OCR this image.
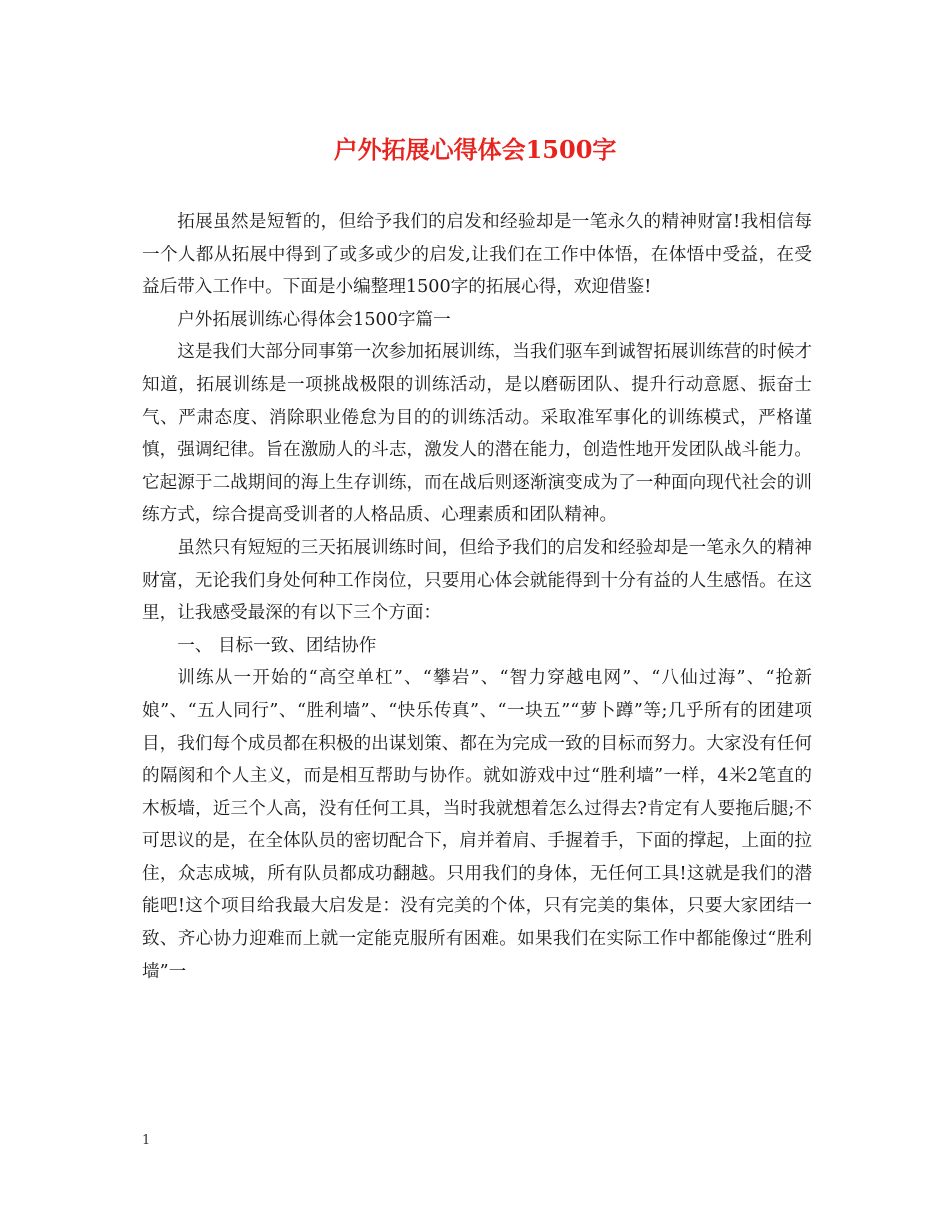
户外拓展心得体会1500字

拓展虽然是短暂的，但给予我们的启发和经验却是一笔永久的精神财富!我相信每一个人都从拓展中得到了或多或少的启发,让我们在工作中体悟，在体悟中受益，在受益后带入工作中。下面是小编整理1500字的拓展心得，欢迎借鉴!

户外拓展训练心得体会1500字篇一

这是我们大部分同事第一次参加拓展训练，当我们驱车到诚智拓展训练营的时候才知道，拓展训练是一项挑战极限的训练活动，是以磨砺团队、提升行动意愿、振奋士气、严肃态度、消除职业倦怠为目的的训练活动。采取准军事化的训练模式，严格谨慎，强调纪律。旨在激励人的斗志，激发人的潜在能力，创造性地开发团队战斗能力。它起源于二战期间的海上生存训练，而在战后则逐渐演变成为了一种面向现代社会的训练方式，综合提高受训者的人格品质、心理素质和团队精神。

虽然只有短短的三天拓展训练时间，但给予我们的启发和经验却是一笔永久的精神财富，无论我们身处何种工作岗位，只要用心体会就能得到十分有益的人生感悟。在这里，让我感受最深的有以下三个方面：

一、 目标一致、团结协作

训练从一开始的“高空单杠”、“攀岩”、“智力穿越电网”、“八仙过海”、“抢新娘”、“五人同行”、“胜利墙”、“快乐传真”、“一块五”“萝卜蹲”等;几乎所有的团建项目，我们每个成员都在积极的出谋划策、都在为完成一致的目标而努力。大家没有任何的隔阂和个人主义，而是相互帮助与协作。就如游戏中过“胜利墙”一样，4米2笔直的木板墙，近三个人高，没有任何工具，当时我就想着怎么过得去?肯定有人要拖后腿;不可思议的是，在全体队员的密切配合下，肩并着肩、手握着手，下面的撑起，上面的拉住，众志成城，所有队员都成功翻越。只用我们的身体，无任何工具!这就是我们的潜能吧!这个项目给我最大启发是：没有完美的个体，只有完美的集体，只要大家团结一致、齐心协力迎难而上就一定能克服所有困难。如果我们在实际工作中都能像过“胜利墙”一

1
